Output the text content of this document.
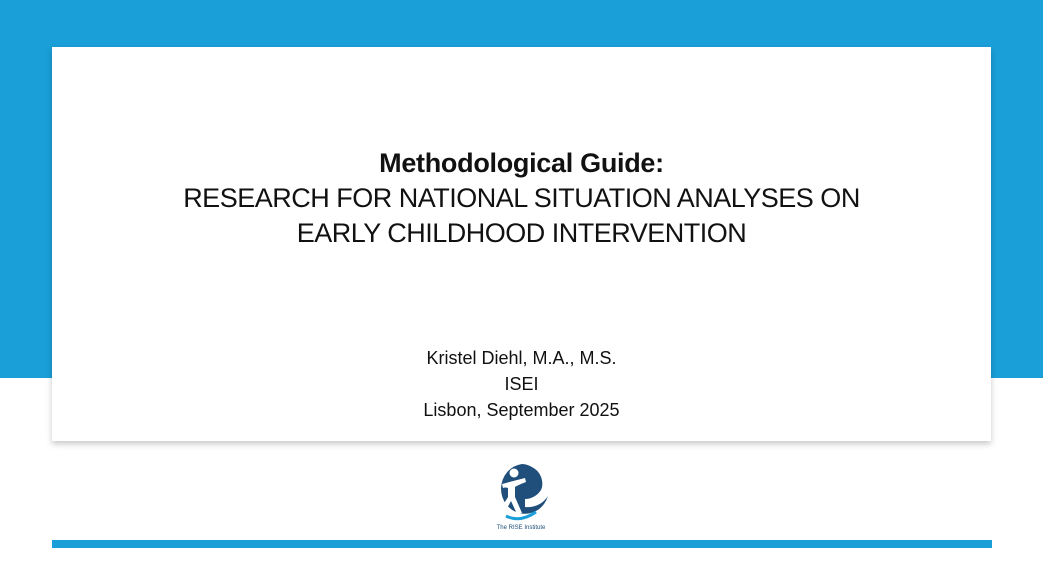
Methodological Guide:
RESEARCH FOR NATIONAL SITUATION ANALYSES ON
EARLY CHILDHOOD INTERVENTION
Kristel Diehl, M.A., M.S.
ISEI
Lisbon, September 2025
The RISE Institute
